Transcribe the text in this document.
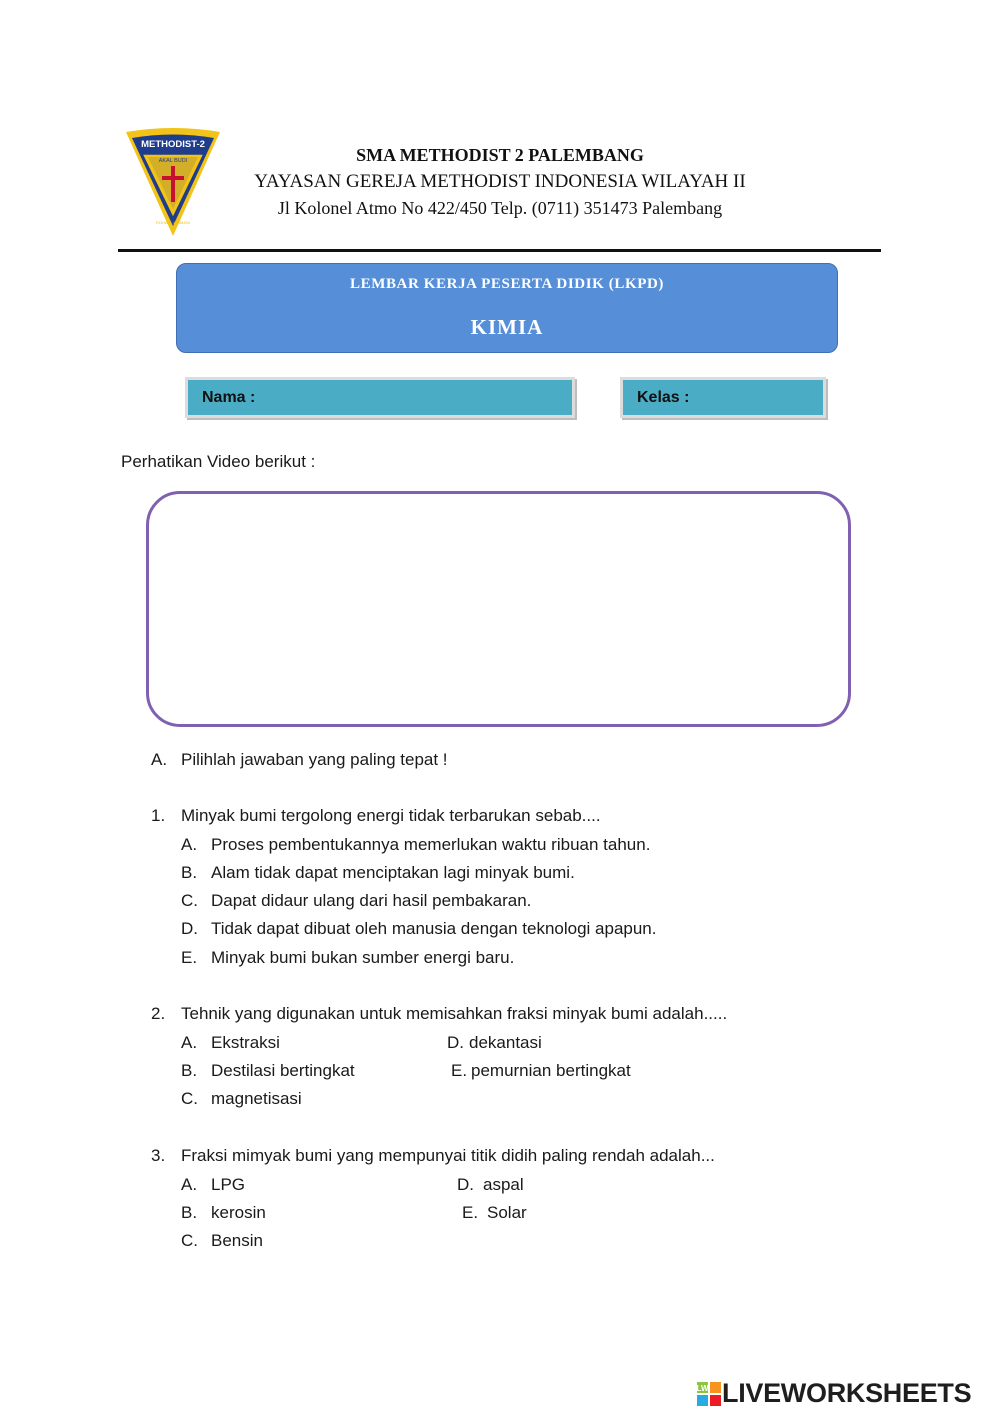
METHODIST-2
AKAL BUDI
ROHANI JASMANI
SMA METHODIST 2 PALEMBANG
YAYASAN GEREJA METHODIST INDONESIA WILAYAH II
Jl Kolonel Atmo No 422/450 Telp. (0711) 351473 Palembang
LEMBAR KERJA PESERTA DIDIK (LKPD)
KIMIA
Nama :	Kelas :
Perhatikan Video berikut :
A. Pilihlah jawaban yang paling tepat !
1. Minyak bumi tergolong energi tidak terbarukan sebab....
A. Proses pembentukannya memerlukan waktu ribuan tahun.
B. Alam tidak dapat menciptakan lagi minyak bumi.
C. Dapat didaur ulang dari hasil pembakaran.
D. Tidak dapat dibuat oleh manusia dengan teknologi apapun.
E. Minyak bumi bukan sumber energi baru.
2. Tehnik yang digunakan untuk memisahkan fraksi minyak bumi adalah.....
A. Ekstraksi
B. Destilasi bertingkat
C. magnetisasi
D. dekantasi
E. pemurnian bertingkat
3. Fraksi mimyak bumi yang mempunyai titik didih paling rendah adalah...
A. LPG
B. kerosin
C. Bensin
D. aspal
E. Solar
LW LIVEWORKSHEETS
